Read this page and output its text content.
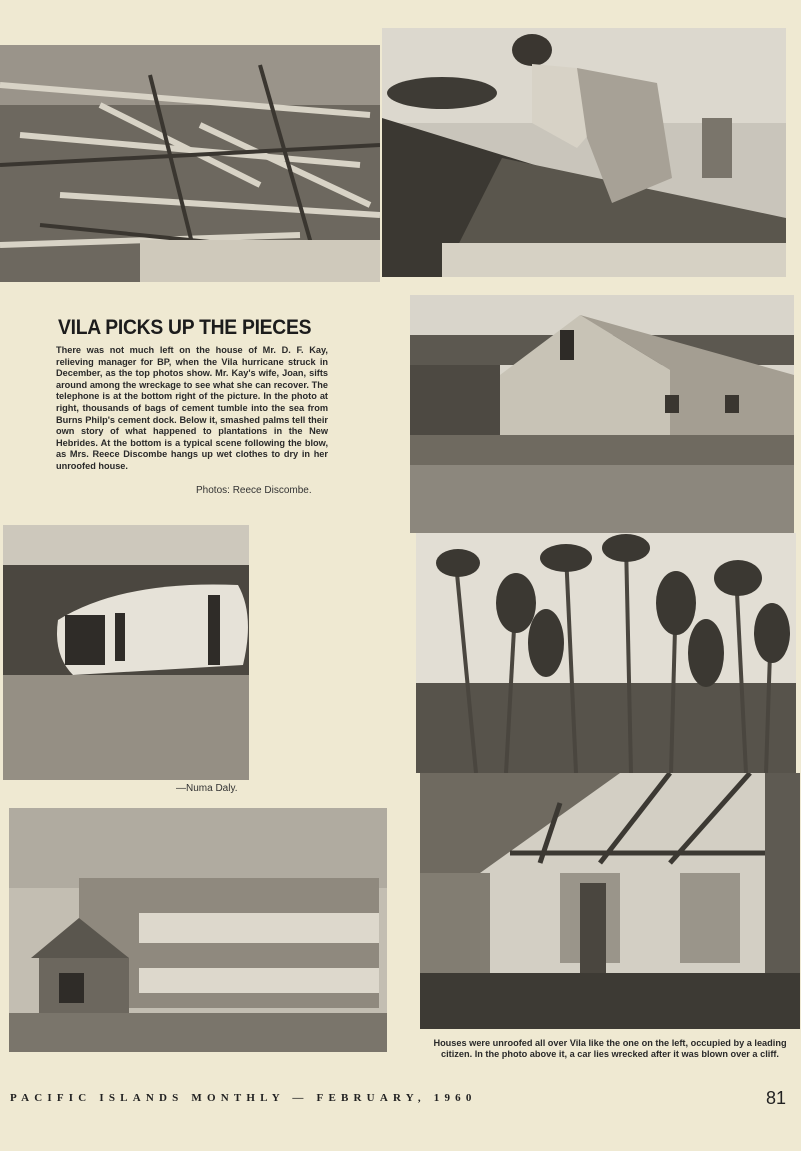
VILA PICKS UP THE PIECES
There was not much left on the house of Mr. D. F. Kay, relieving manager for BP, when the Vila hurricane struck in December, as the top photos show. Mr. Kay's wife, Joan, sifts around among the wreckage to see what she can recover. The telephone is at the bottom right of the picture. In the photo at right, thousands of bags of cement tumble into the sea from Burns Philp's cement dock. Below it, smashed palms tell their own story of what happened to plantations in the New Hebrides. At the bottom is a typical scene following the blow, as Mrs. Reece Discombe hangs up wet clothes to dry in her unroofed house.
Photos: Reece Discombe.
—Numa Daly.
Houses were unroofed all over Vila like the one on the left, occupied by a leading citizen. In the photo above it, a car lies wrecked after it was blown over a cliff.
PACIFIC ISLANDS MONTHLY — FEBRUARY, 1960	81
